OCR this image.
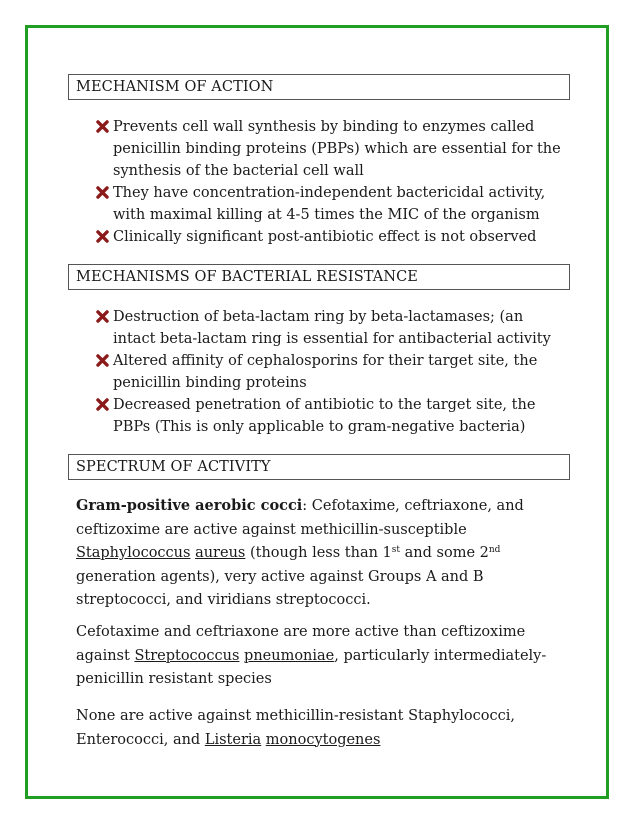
MECHANISM OF ACTION
Prevents cell wall synthesis by binding to enzymes called penicillin binding proteins (PBPs) which are essential for the synthesis of the bacterial cell wall
They have concentration-independent bactericidal activity, with maximal killing at 4-5 times the MIC of the organism
Clinically significant post-antibiotic effect is not observed
MECHANISMS OF BACTERIAL RESISTANCE
Destruction of beta-lactam ring by beta-lactamases; (an intact beta-lactam ring is essential for antibacterial activity
Altered affinity of cephalosporins for their target site, the penicillin binding proteins
Decreased penetration of antibiotic to the target site, the PBPs (This is only applicable to gram-negative bacteria)
SPECTRUM OF ACTIVITY

Gram-positive aerobic cocci: Cefotaxime, ceftriaxone, and ceftizoxime are active against methicillin-susceptible Staphylococcus aureus (though less than 1st and some 2nd generation agents), very active against Groups A and B streptococci, and viridians streptococci.

Cefotaxime and ceftriaxone are more active than ceftizoxime against Streptococcus pneumoniae, particularly intermediately-penicillin resistant species

None are active against methicillin-resistant Staphylococci, Enterococci, and Listeria monocytogenes
